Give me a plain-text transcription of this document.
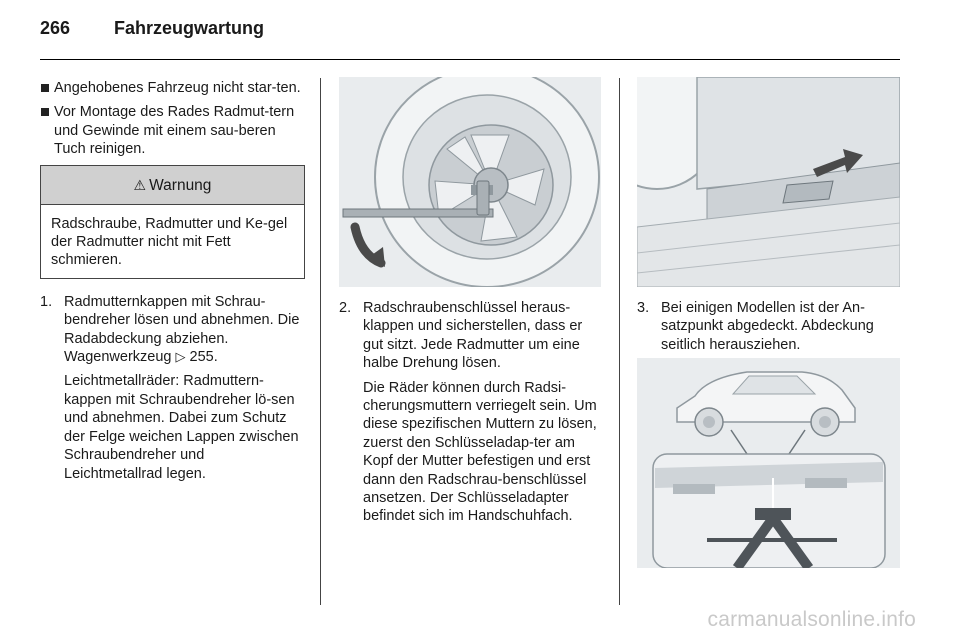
266 Fahrzeugwartung
Angehobenes Fahrzeug nicht star-ten.
Vor Montage des Rades Radmut-tern und Gewinde mit einem sau-beren Tuch reinigen.
⚠ Warnung
Radschraube, Radmutter und Ke-gel der Radmutter nicht mit Fett schmieren.
1. Radmutternkappen mit Schrau-bendreher lösen und abnehmen. Die Radabdeckung abziehen. Wagenwerkzeug ▷ 255.
Leichtmetallräder: Radmuttern-kappen mit Schraubendreher lö-sen und abnehmen. Dabei zum Schutz der Felge weichen Lappen zwischen Schraubendreher und Leichtmetallrad legen.
2. Radschraubenschlüssel heraus-klappen und sicherstellen, dass er gut sitzt. Jede Radmutter um eine halbe Drehung lösen.
Die Räder können durch Radsi-cherungsmuttern verriegelt sein. Um diese spezifischen Muttern zu lösen, zuerst den Schlüsseladap-ter am Kopf der Mutter befestigen und erst dann den Radschrau-benschlüssel ansetzen. Der Schlüsseladapter befindet sich im Handschuhfach.
3. Bei einigen Modellen ist der An-satzpunkt abgedeckt. Abdeckung seitlich herausziehen.
carmanualsonline.info
